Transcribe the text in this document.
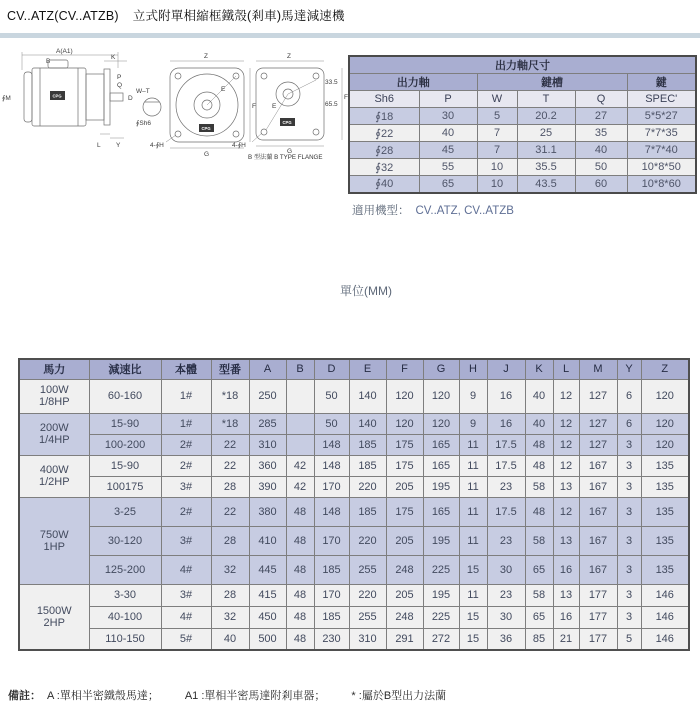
CV..ATZ(CV..ATZB) 立式附單相縮框鐵殼(剎車)馬達減速機
A(A1)
B
K
CPG
P
Q
∮M	D
L Y
W–T
∮Sh6
Z
E
CPG
F
G
4-∮H
Z
33.5
65.5
F
E
CPG
G
4-∮H
B 型法蘭 B TYPE FLANGE
出力軸尺寸					
出力軸		鍵槽			鍵
Sh6	P	W	T	Q	SPEC'
∮18	30	5	20.2	27	5*5*27
∮22	40	7	25	35	7*7*35
∮28	45	7	31.1	40	7*7*40
∮32	55	10	35.5	50	10*8*50
∮40	65	10	43.5	60	10*8*60
適用機型： CV..ATZ, CV..ATZB
單位(MM)
馬力	減速比	本體	型番	A	B	D	E	F	G	H	J	K	L	M	Y	Z
100W
1/8HP	60-160	1#	*18	250		50	140	120	120	9	16	40	12	127	6	120
200W
1/4HP	15-90	1#	*18	285		50	140	120	120	9	16	40	12	127	6	120
	100-200	2#	22	310		148	185	175	165	11	17.5	48	12	127	3	120
400W
1/2HP	15-90	2#	22	360	42	148	185	175	165	11	17.5	48	12	167	3	135
	100175	3#	28	390	42	170	220	205	195	11	23	58	13	167	3	135
750W
1HP	3-25	2#	22	380	48	148	185	175	165	11	17.5	48	12	167	3	135
	30-120	3#	28	410	48	170	220	205	195	11	23	58	13	167	3	135
	125-200	4#	32	445	48	185	255	248	225	15	30	65	16	167	3	135
1500W
2HP	3-30	3#	28	415	48	170	220	205	195	11	23	58	13	177	3	146
	40-100	4#	32	450	48	185	255	248	225	15	30	65	16	177	3	146
	110-150	5#	40	500	48	230	310	291	272	15	36	85	21	177	5	146
備註： A :單相半密鐵殼馬達； A1 :單相半密馬達附剎車器； * :屬於B型出力法蘭
